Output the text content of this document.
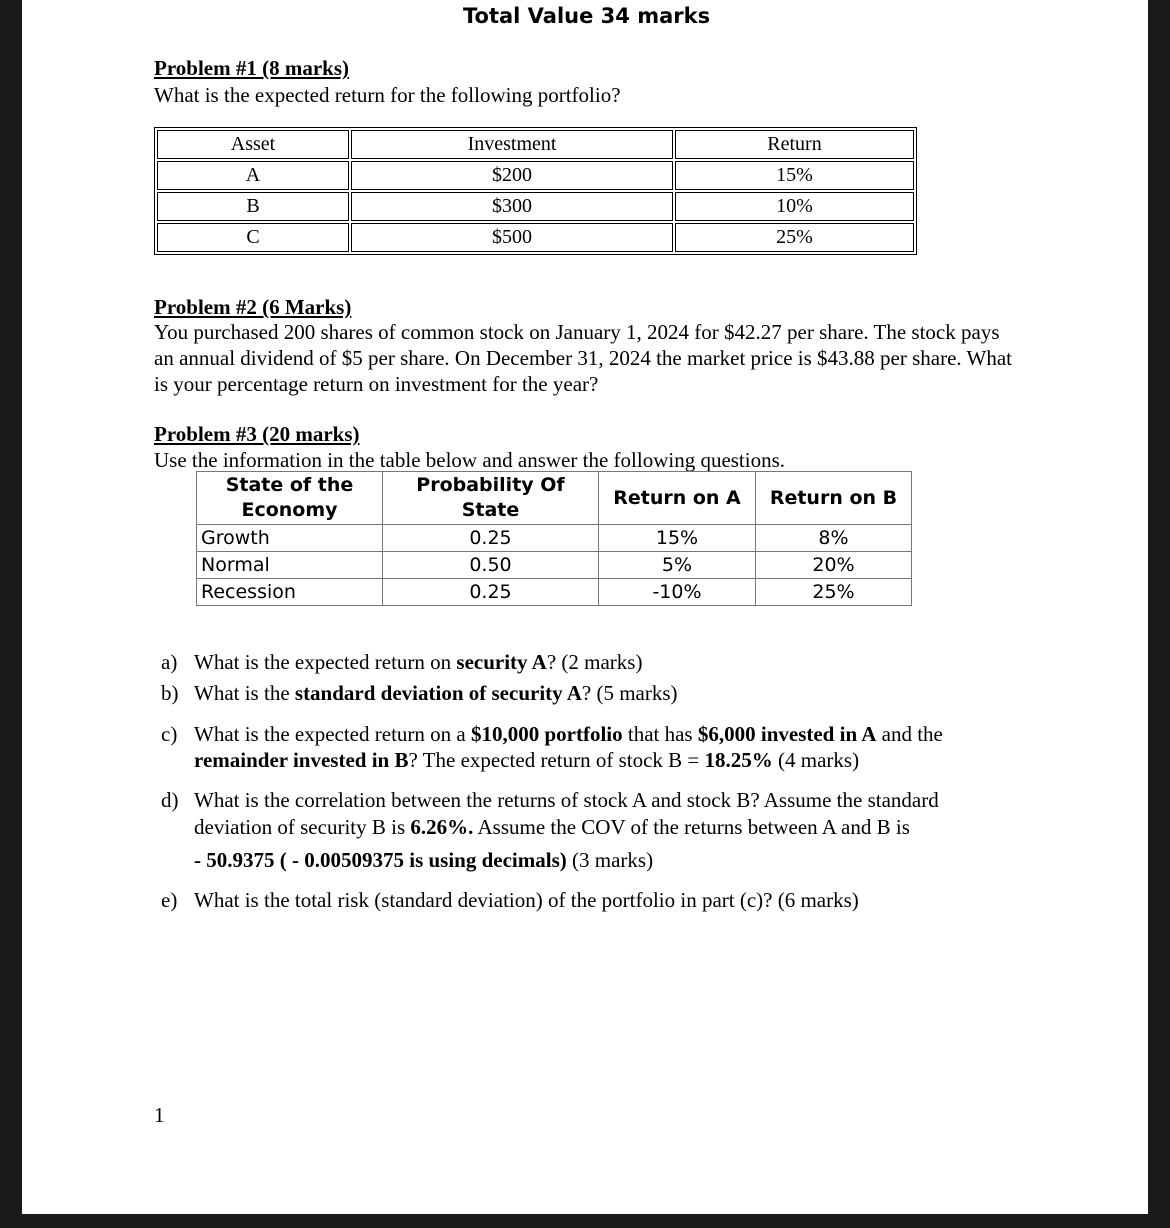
Total Value 34 marks
Problem #1 (8 marks)
What is the expected return for the following portfolio?
Asset	Investment	Return
A	$200	15%
B	$300	10%
C	$500	25%
Problem #2 (6 Marks)
You purchased 200 shares of common stock on January 1, 2024 for $42.27 per share. The stock pays an annual dividend of $5 per share. On December 31, 2024 the market price is $43.88 per share. What is your percentage return on investment for the year?
Problem #3 (20 marks)
Use the information in the table below and answer the following questions.
State of the Economy	Probability Of State	Return on A	Return on B
Growth	0.25	15%	8%
Normal	0.50	5%	20%
Recession	0.25	-10%	25%
a) What is the expected return on security A? (2 marks)
b) What is the standard deviation of security A? (5 marks)
c) What is the expected return on a $10,000 portfolio that has $6,000 invested in A and the remainder invested in B? The expected return of stock B = 18.25% (4 marks)
d) What is the correlation between the returns of stock A and stock B? Assume the standard deviation of security B is 6.26%. Assume the COV of the returns between A and B is
- 50.9375 ( - 0.00509375 is using decimals) (3 marks)
e) What is the total risk (standard deviation) of the portfolio in part (c)? (6 marks)
1
